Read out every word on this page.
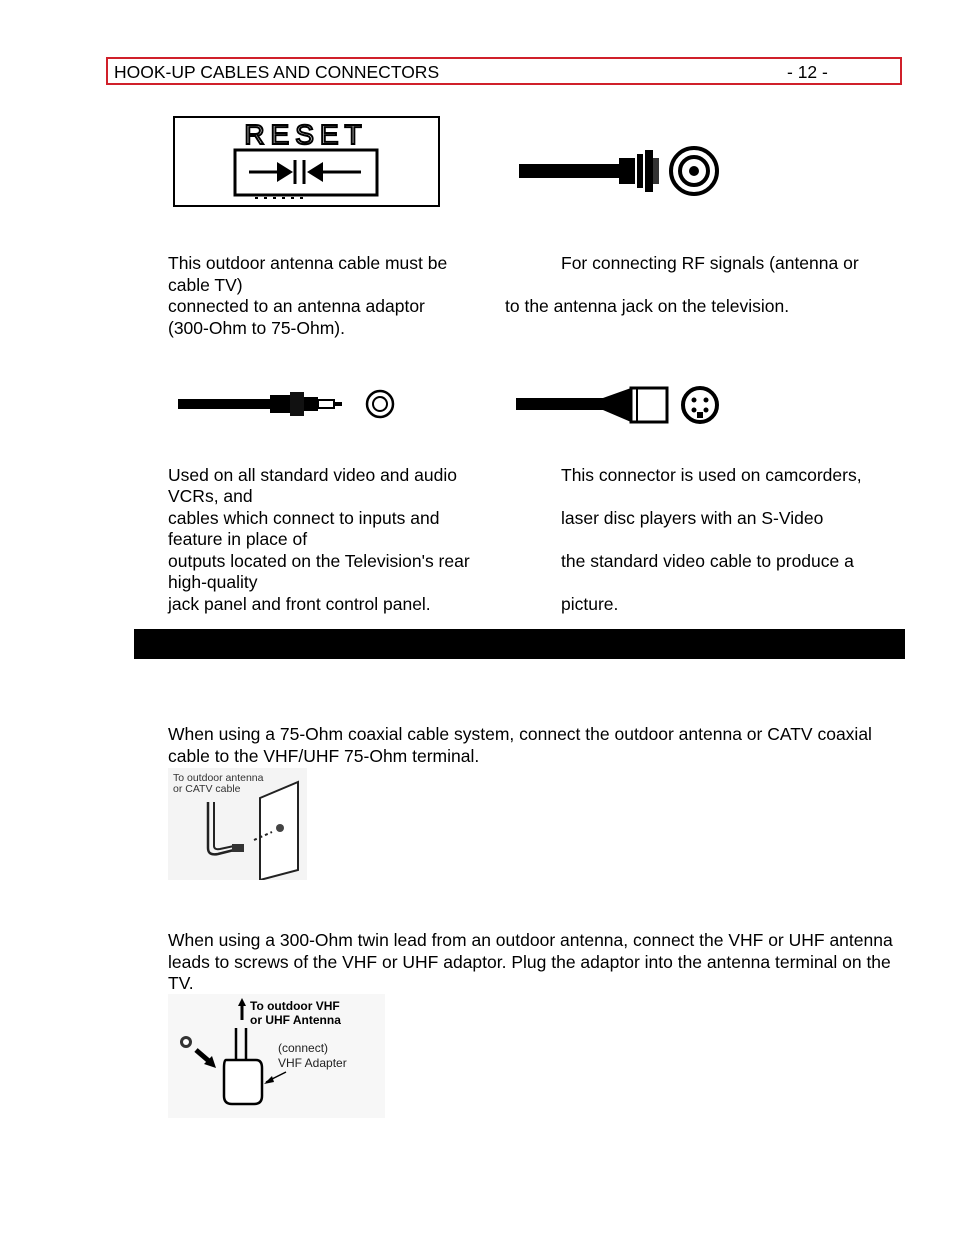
HOOK-UP CABLES AND CONNECTORS	- 12 -
RESET
This outdoor antenna cable must be
cable TV)
connected to an antenna adaptor
(300-Ohm to 75-Ohm).
For connecting RF signals (antenna or
to the antenna jack on the television.
Used on all standard video and audio
VCRs, and
cables which connect to inputs and
feature in place of
outputs located on the Television's rear
high-quality
jack panel and front control panel.
This connector is used on camcorders,
laser disc players with an S-Video
the standard video cable to produce a
picture.
When using a 75-Ohm coaxial cable system, connect the outdoor antenna or CATV coaxial cable to the VHF/UHF 75-Ohm terminal.
To outdoor antenna
or CATV cable
When using a 300-Ohm twin lead from an outdoor antenna, connect the VHF or UHF antenna leads to screws of the VHF or UHF adaptor. Plug the adaptor into the antenna terminal on the TV.
To outdoor VHF
or UHF Antenna
(connect)
VHF Adapter
